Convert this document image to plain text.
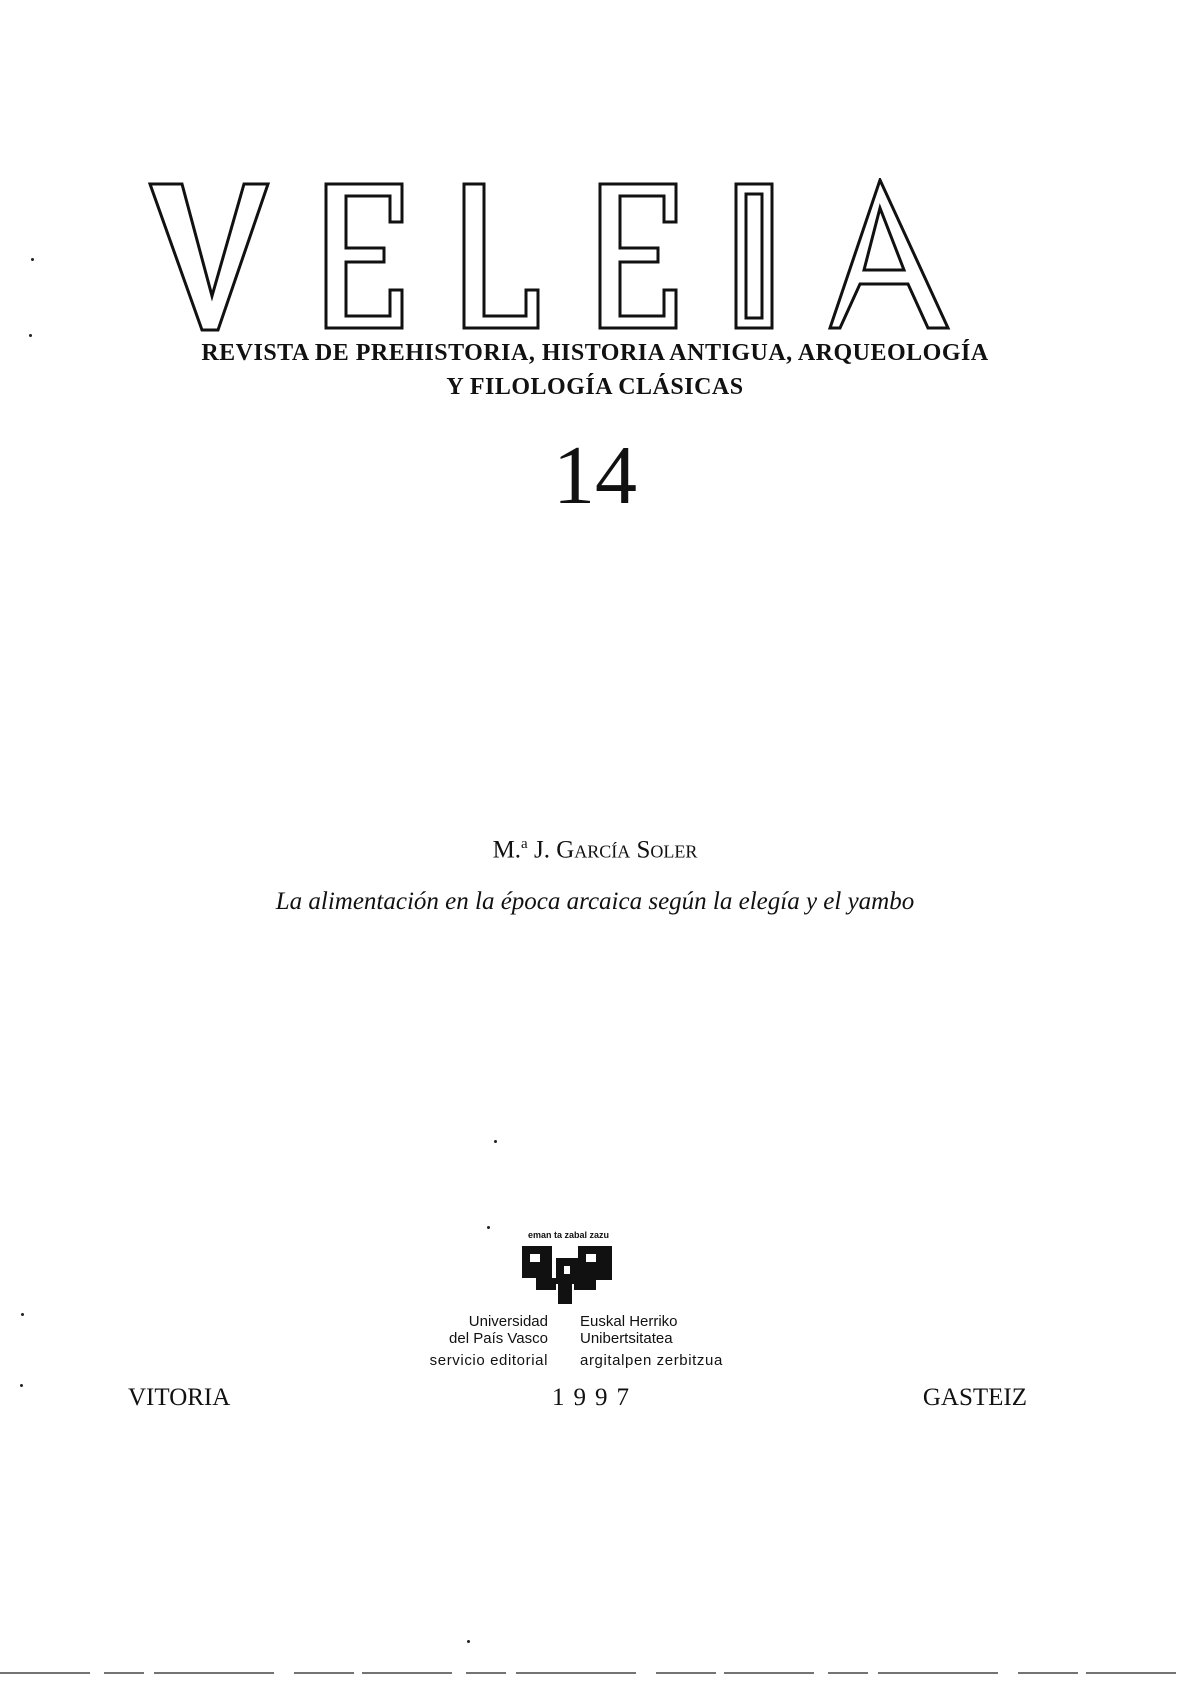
REVISTA DE PREHISTORIA, HISTORIA ANTIGUA, ARQUEOLOGÍA
Y FILOLOGÍA CLÁSICAS
14
M.$^a$ J. García Soler
La alimentación en la época arcaica según la elegía y el yambo
eman ta zabal zazu
Universidad
del País Vasco
Euskal Herriko
Unibertsitatea
servicio editorial argitalpen zerbitzua
VITORIA	1997	GASTEIZ
